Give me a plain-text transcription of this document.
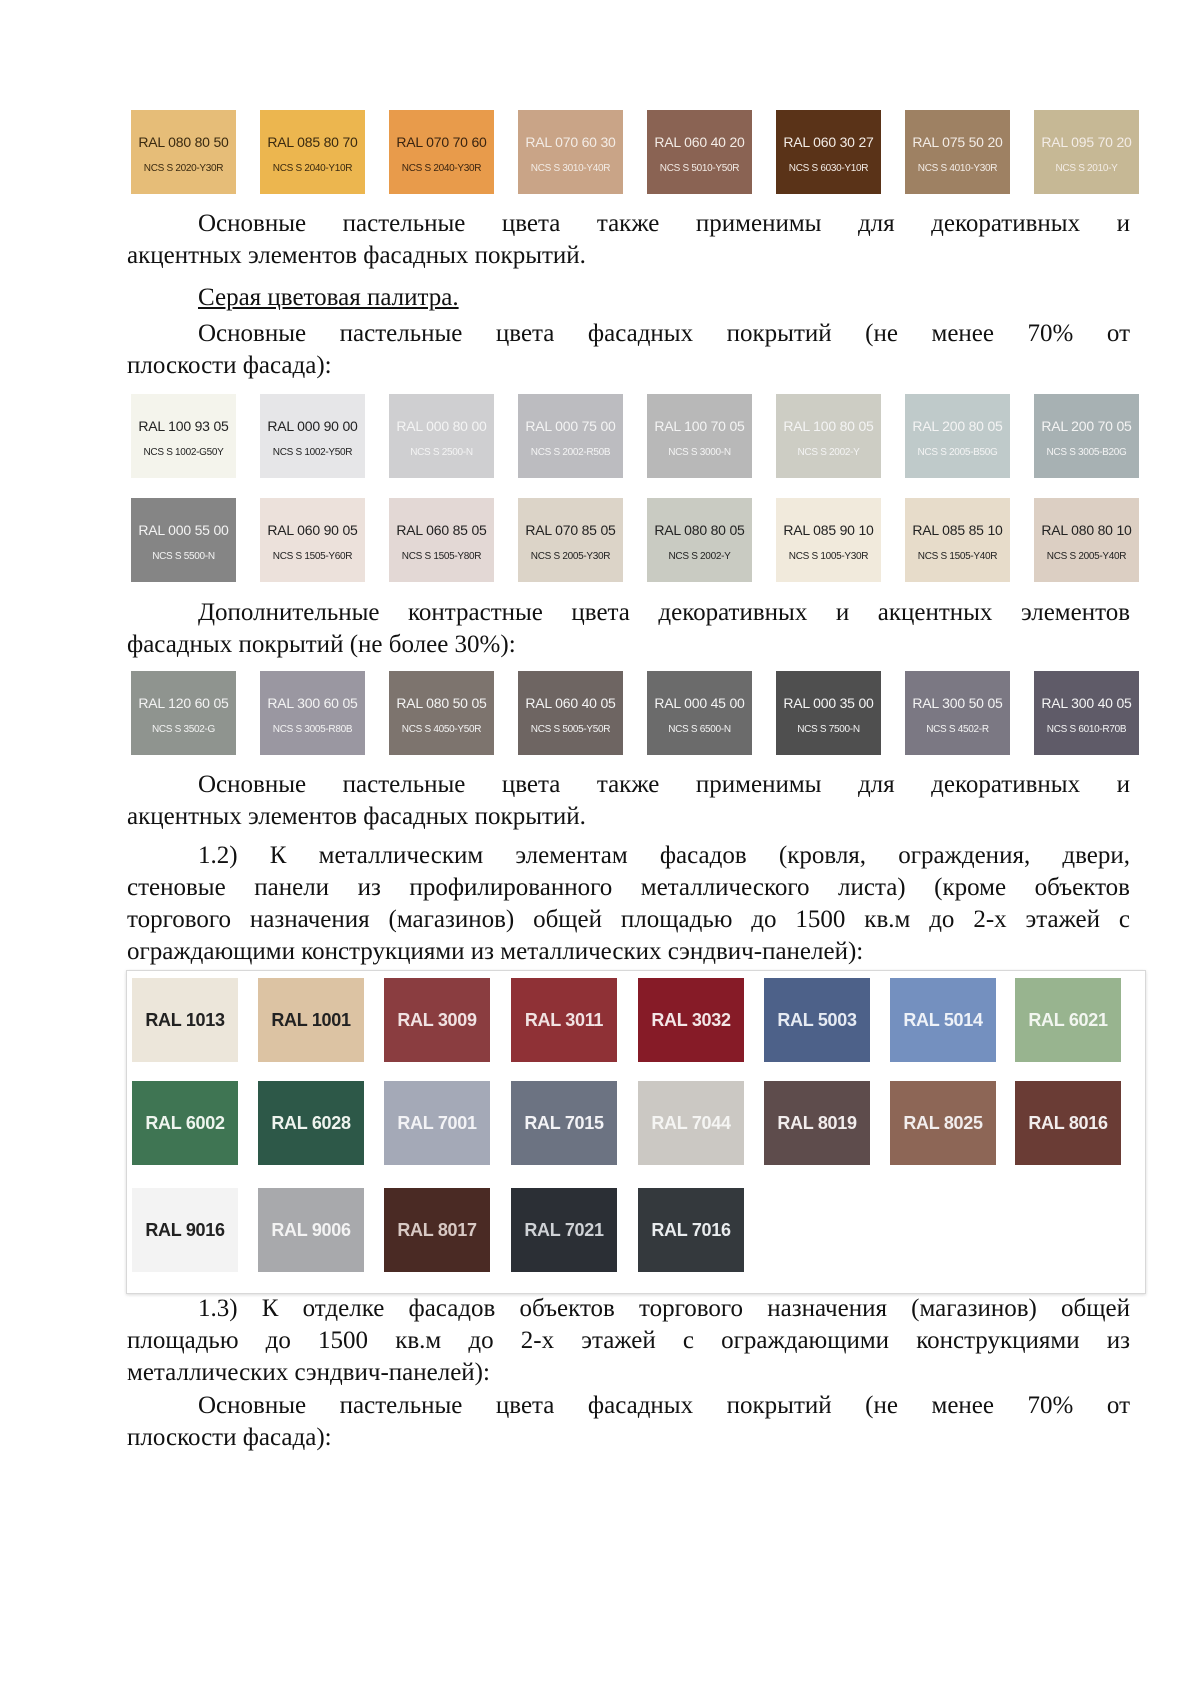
RAL 080 80 50
NCS S 2020-Y30R
RAL 085 80 70
NCS S 2040-Y10R
RAL 070 70 60
NCS S 2040-Y30R
RAL 070 60 30
NCS S 3010-Y40R
RAL 060 40 20
NCS S 5010-Y50R
RAL 060 30 27
NCS S 6030-Y10R
RAL 075 50 20
NCS S 4010-Y30R
RAL 095 70 20
NCS S 2010-Y

Основные пастельные цвета также применимы для декоративных и
акцентных элементов фасадных покрытий.

Серая цветовая палитра.

Основные пастельные цвета фасадных покрытий (не менее 70% от
плоскости фасада):

RAL 100 93 05
NCS S 1002-G50Y
RAL 000 90 00
NCS S 1002-Y50R
RAL 000 80 00
NCS S 2500-N
RAL 000 75 00
NCS S 2002-R50B
RAL 100 70 05
NCS S 3000-N
RAL 100 80 05
NCS S 2002-Y
RAL 200 80 05
NCS S 2005-B50G
RAL 200 70 05
NCS S 3005-B20G
RAL 000 55 00
NCS S 5500-N
RAL 060 90 05
NCS S 1505-Y60R
RAL 060 85 05
NCS S 1505-Y80R
RAL 070 85 05
NCS S 2005-Y30R
RAL 080 80 05
NCS S 2002-Y
RAL 085 90 10
NCS S 1005-Y30R
RAL 085 85 10
NCS S 1505-Y40R
RAL 080 80 10
NCS S 2005-Y40R

Дополнительные контрастные цвета декоративных и акцентных элементов
фасадных покрытий (не более 30%):

RAL 120 60 05
NCS S 3502-G
RAL 300 60 05
NCS S 3005-R80B
RAL 080 50 05
NCS S 4050-Y50R
RAL 060 40 05
NCS S 5005-Y50R
RAL 000 45 00
NCS S 6500-N
RAL 000 35 00
NCS S 7500-N
RAL 300 50 05
NCS S 4502-R
RAL 300 40 05
NCS S 6010-R70B

Основные пастельные цвета также применимы для декоративных и
акцентных элементов фасадных покрытий.

1.2) К металлическим элементам фасадов (кровля, ограждения, двери,
стеновые панели из профилированного металлического листа) (кроме объектов
торгового назначения (магазинов) общей площадью до 1500 кв.м до 2-х этажей с
ограждающими конструкциями из металлических сэндвич-панелей):

RAL 1013	RAL 1001	RAL 3009	RAL 3011	RAL 3032	RAL 5003	RAL 5014	RAL 6021
RAL 6002	RAL 6028	RAL 7001	RAL 7015	RAL 7044	RAL 8019	RAL 8025	RAL 8016
RAL 9016	RAL 9006	RAL 8017	RAL 7021	RAL 7016

1.3) К отделке фасадов объектов торгового назначения (магазинов) общей
площадью до 1500 кв.м до 2-х этажей с ограждающими конструкциями из
металлических сэндвич-панелей):

Основные пастельные цвета фасадных покрытий (не менее 70% от
плоскости фасада):
